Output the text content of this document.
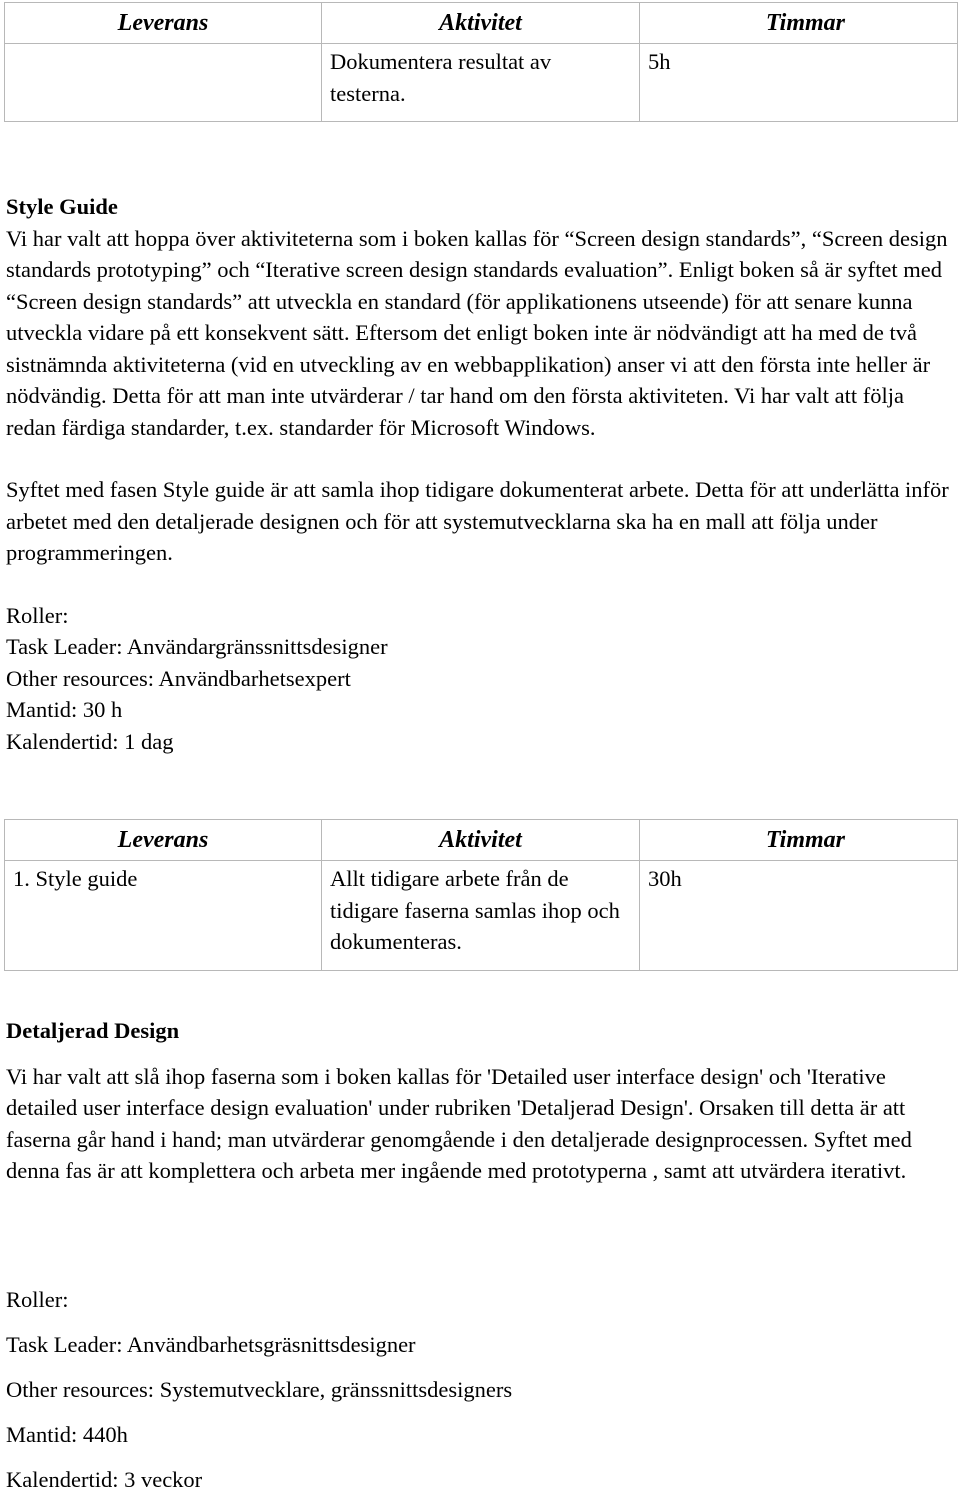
Leverans	Aktivitet	Timmar
	Dokumentera resultat av testerna.	5h

Style Guide

Vi har valt att hoppa över aktiviteterna som i boken kallas för “Screen design standards”, “Screen design standards prototyping” och “Iterative screen design standards evaluation”. Enligt boken så är syftet med “Screen design standards” att utveckla en standard (för applikationens utseende) för att senare kunna utveckla vidare på ett konsekvent sätt. Eftersom det enligt boken inte är nödvändigt att ha med de två sistnämnda aktiviteterna (vid en utveckling av en webbapplikation) anser vi att den första inte heller är nödvändig. Detta för att man inte utvärderar / tar hand om den första aktiviteten. Vi har valt att följa redan färdiga standarder, t.ex. standarder för Microsoft Windows.

Syftet med fasen Style guide är att samla ihop tidigare dokumenterat arbete. Detta för att underlätta inför arbetet med den detaljerade designen och för att systemutvecklarna ska ha en mall att följa under programmeringen.

Roller:
Task Leader: Användargränssnittsdesigner
Other resources: Användbarhetsexpert
Mantid: 30 h
Kalendertid: 1 dag
Leverans	Aktivitet	Timmar
1. Style guide	Allt tidigare arbete från de tidigare faserna samlas ihop och dokumenteras.	30h

Detaljerad Design

Vi har valt att slå ihop faserna som i boken kallas för 'Detailed user interface design' och 'Iterative detailed user interface design evaluation' under rubriken 'Detaljerad Design'. Orsaken till detta är att faserna går hand i hand; man utvärderar genomgående i den detaljerade designprocessen. Syftet med denna fas är att komplettera och arbeta mer ingående med prototyperna , samt att utvärdera iterativt.

Roller:
Task Leader: Användbarhetsgräsnittsdesigner
Other resources: Systemutvecklare, gränssnittsdesigners
Mantid: 440h
Kalendertid: 3 veckor
